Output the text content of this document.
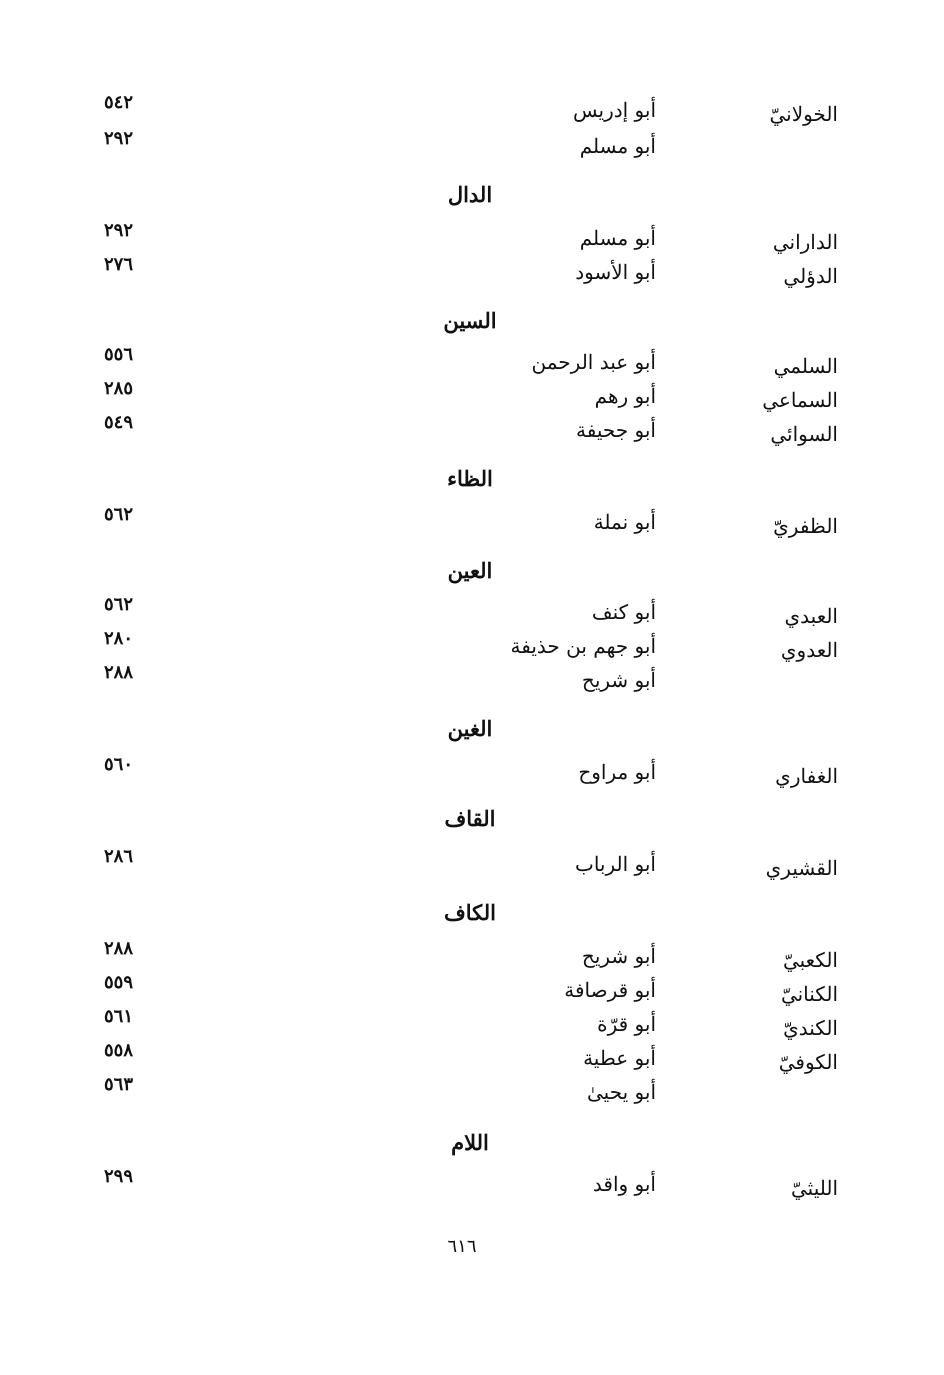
الخولانيّ
أبو إدريس
٥٤٢
أبو مسلم
٢٩٢
الدال
الداراني
أبو مسلم
٢٩٢
الدؤلي
أبو الأسود
٢٧٦
السين
السلمي
أبو عبد الرحمن
٥٥٦
السماعي
أبو رهم
٢٨٥
السوائي
أبو جحيفة
٥٤٩
الظاء
الظفريّ
أبو نملة
٥٦٢
العين
العبدي
أبو كنف
٥٦٢
العدوي
أبو جهم بن حذيفة
٢٨٠
أبو شريح
٢٨٨
الغين
الغفاري
أبو مراوح
٥٦٠
القاف
القشيري
أبو الرباب
٢٨٦
الكاف
الكعبيّ
أبو شريح
٢٨٨
الكنانيّ
أبو قرصافة
٥٥٩
الكنديّ
أبو قرّة
٥٦١
الكوفيّ
أبو عطية
٥٥٨
أبو يحيىٰ
٥٦٣
اللام
الليثيّ
أبو واقد
٢٩٩
٦١٦
